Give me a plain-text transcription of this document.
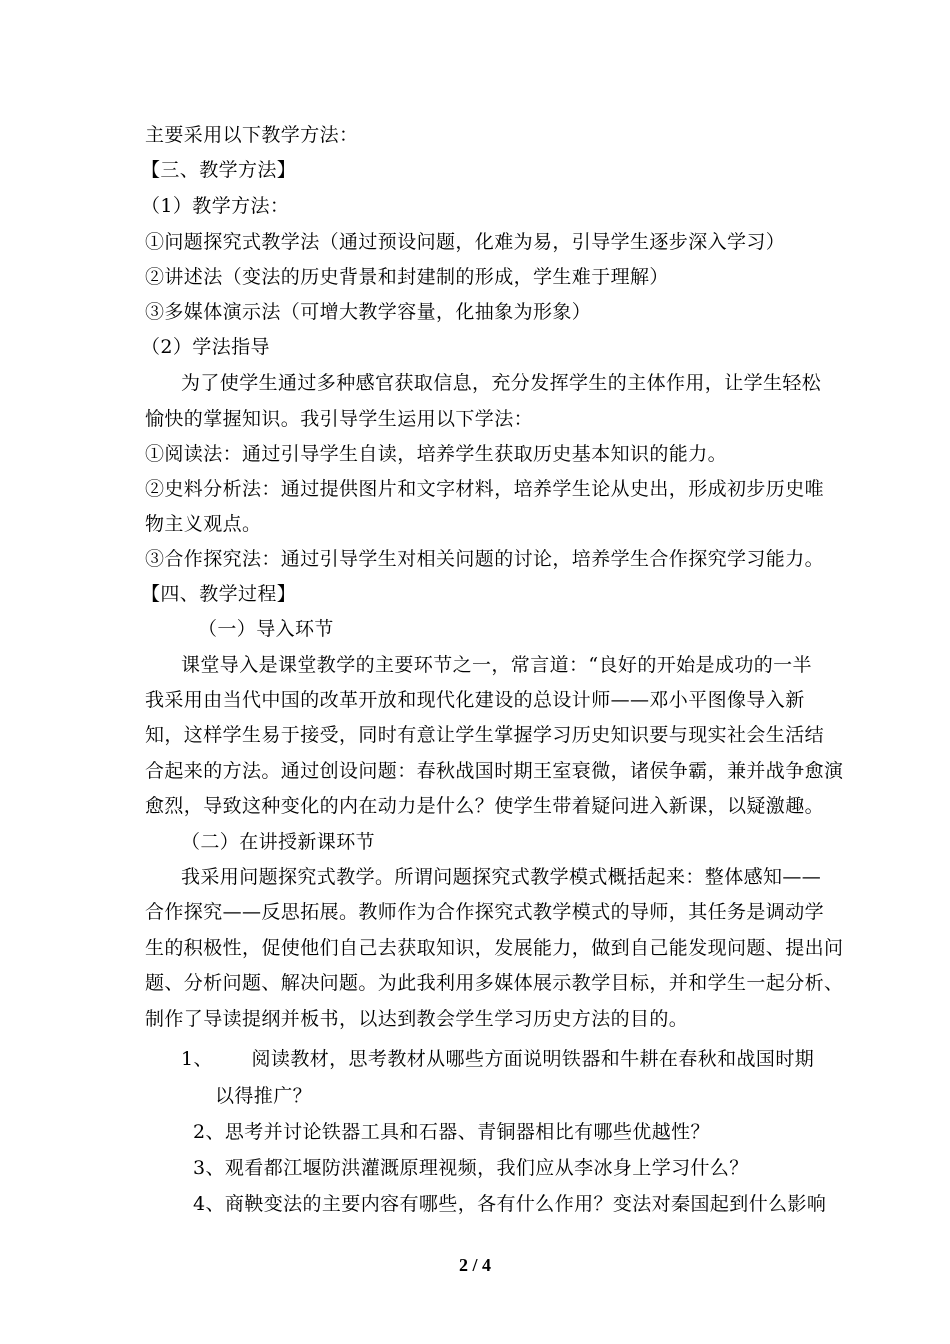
主要采用以下教学方法：
【三、教学方法】
（1）教学方法：
①问题探究式教学法（通过预设问题，化难为易，引导学生逐步深入学习）
②讲述法（变法的历史背景和封建制的形成，学生难于理解）
③多媒体演示法（可增大教学容量，化抽象为形象）
（2）学法指导
为了使学生通过多种感官获取信息，充分发挥学生的主体作用，让学生轻松
愉快的掌握知识。我引导学生运用以下学法：
①阅读法：通过引导学生自读，培养学生获取历史基本知识的能力。
②史料分析法：通过提供图片和文字材料，培养学生论从史出，形成初步历史唯
物主义观点。
③合作探究法：通过引导学生对相关问题的讨论，培养学生合作探究学习能力。
【四、教学过程】
（一）导入环节
课堂导入是课堂教学的主要环节之一，常言道：“良好的开始是成功的一半
我采用由当代中国的改革开放和现代化建设的总设计师——邓小平图像导入新
知，这样学生易于接受，同时有意让学生掌握学习历史知识要与现实社会生活结
合起来的方法。通过创设问题：春秋战国时期王室衰微，诸侯争霸，兼并战争愈演
愈烈，导致这种变化的内在动力是什么？使学生带着疑问进入新课，以疑激趣。
（二）在讲授新课环节
我采用问题探究式教学。所谓问题探究式教学模式概括起来：整体感知——
合作探究——反思拓展。教师作为合作探究式教学模式的导师，其任务是调动学
生的积极性，促使他们自己去获取知识，发展能力，做到自己能发现问题、提出问
题、分析问题、解决问题。为此我利用多媒体展示教学目标，并和学生一起分析、
制作了导读提纲并板书，以达到教会学生学习历史方法的目的。
1、      阅读教材，思考教材从哪些方面说明铁器和牛耕在春秋和战国时期
以得推广？
2、思考并讨论铁器工具和石器、青铜器相比有哪些优越性？
3、观看都江堰防洪灌溉原理视频，我们应从李冰身上学习什么？
4、商鞅变法的主要内容有哪些，各有什么作用？变法对秦国起到什么影响
2 / 4
